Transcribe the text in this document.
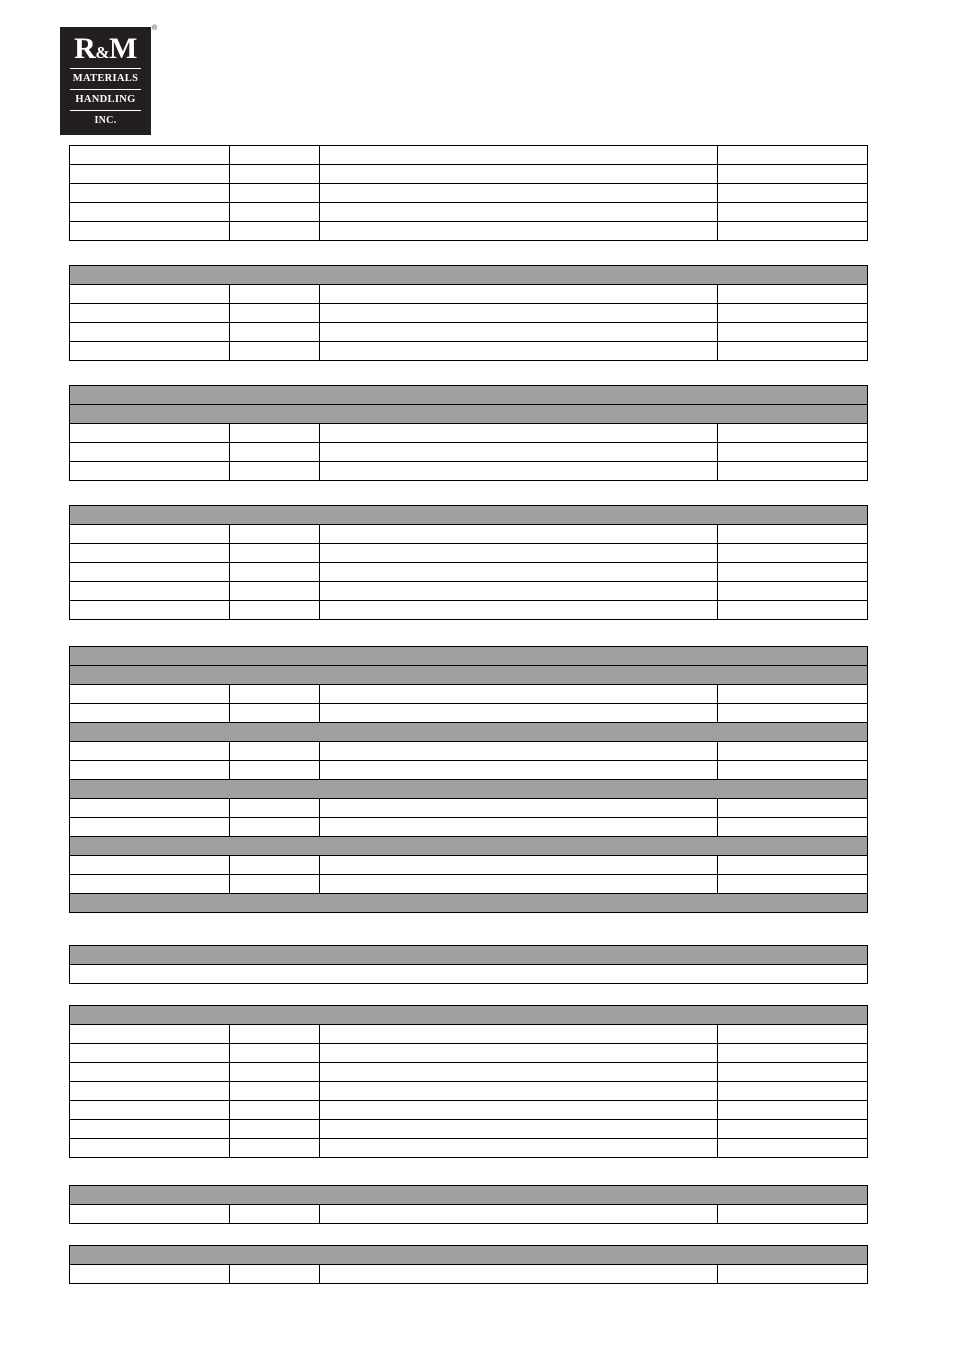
R&M
MATERIALS
HANDLING
INC.
®
